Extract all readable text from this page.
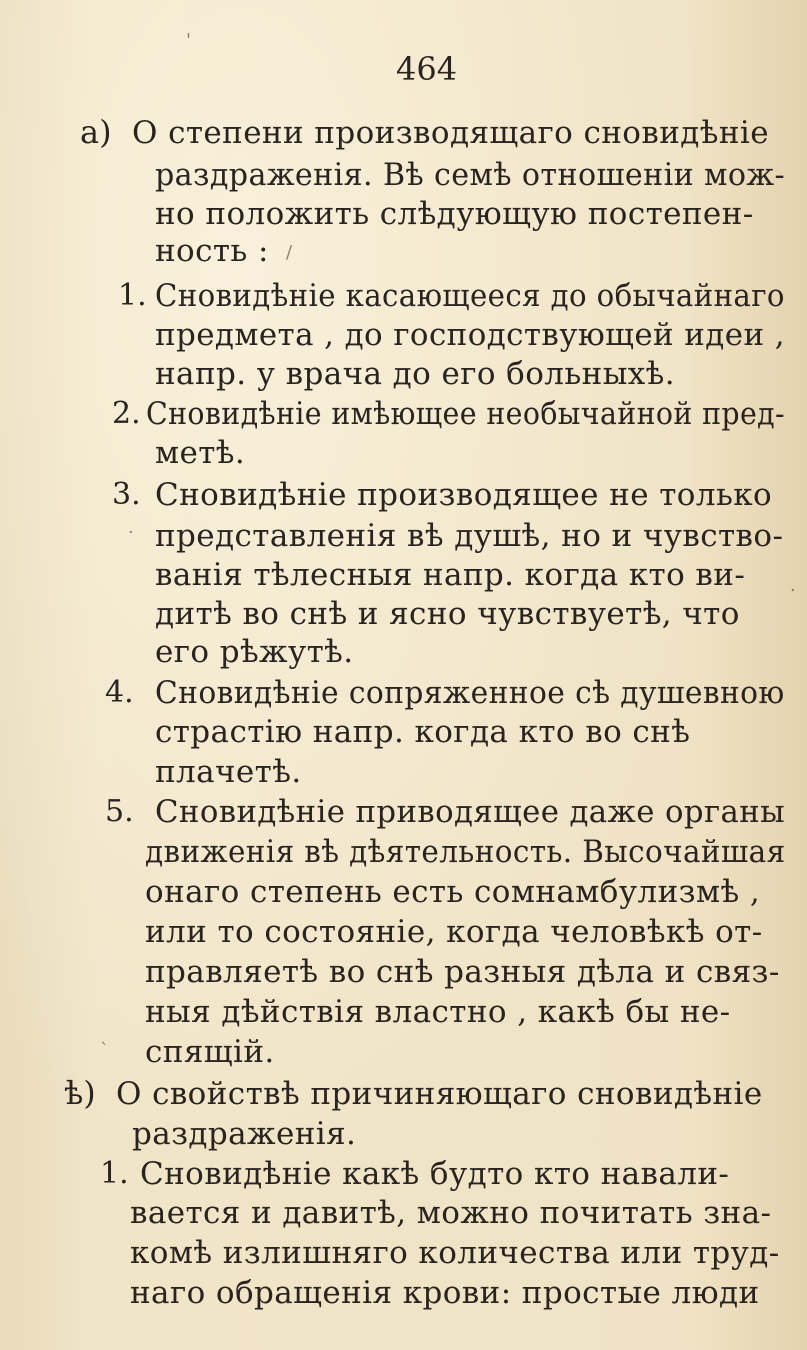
464
а) О степени производящаго сновидѣніе
раздраженія. Вѣ семѣ отношеніи мож-
но положить слѣдующую постепен-
ность :
1. Сновидѣніе касающееся до обычайнаго
предмета , до господствующей идеи ,
напр. у врача до его больныхѣ.
2. Сновидѣніе имѣющее необычайной пред-
метѣ.
3. Сновидѣніе производящее не только
представленія вѣ душѣ, но и чувство-
ванія тѣлесныя напр. когда кто ви-
дитѣ во снѣ и ясно чувствуетѣ, что
его рѣжутѣ.
4. Сновидѣніе сопряженное сѣ душевною
страстію напр. когда кто во снѣ
плачетѣ.
5. Сновидѣніе приводящее даже органы
движенія вѣ дѣятельность. Высочайшая
онаго степень есть сомнамбулизмѣ ,
или то состояніе, когда человѣкѣ от-
правляетѣ во снѣ разныя дѣла и связ-
ныя дѣйствія властно , какѣ бы не-
спящій.
ѣ) О свойствѣ причиняющаго сновидѣніе
раздраженія.
1. Сновидѣніе какѣ будто кто навали-
вается и давитѣ, можно почитать зна-
комѣ излишняго количества или труд-
наго обращенія крови: простые люди
'
/
·
.
`
